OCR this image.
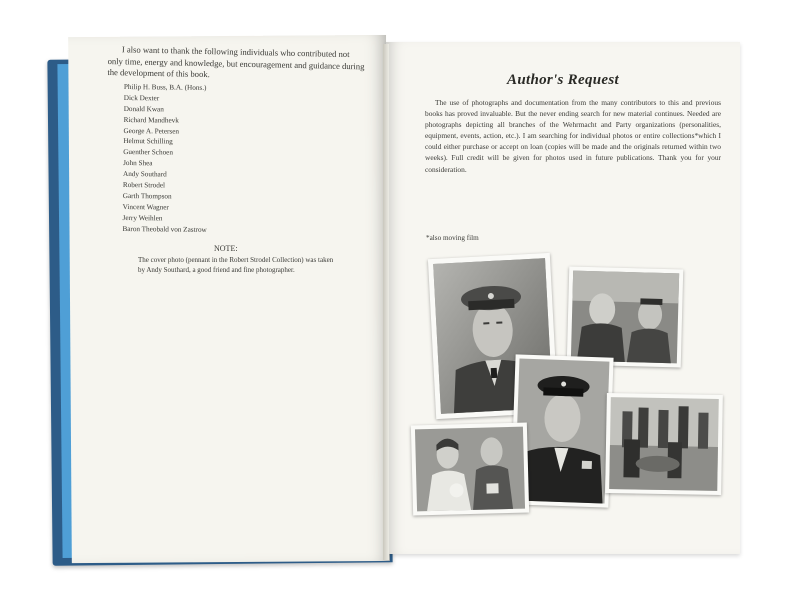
I also want to thank the following individuals who contributed not only time, energy and knowledge, but encouragement and guidance during the development of this book.
Philip H. Buss, B.A. (Hons.)
Dick Dexter
Donald Kwan
Richard Mandhevk
George A. Petersen
Helmut Schilling
Guenther Schoen
John Shea
Andy Southard
Robert Strodel
Garth Thompson
Vincent Wagner
Jerry Weihlen
Baron Theobald von Zastrow
NOTE:
The cover photo (pennant in the Robert Strodel Collection) was taken by Andy Southard, a good friend and fine photographer.
Author's Request
The use of photographs and documentation from the many contributors to this and previous books has proved invaluable. But the never ending search for new material continues. Needed are photographs depicting all branches of the Wehrmacht and Party organizations (personalities, equipment, events, action, etc.). I am searching for individual photos or entire collections*which I could either purchase or accept on loan (copies will be made and the originals returned within two weeks). Full credit will be given for photos used in future publications. Thank you for your consideration.
*also moving film
